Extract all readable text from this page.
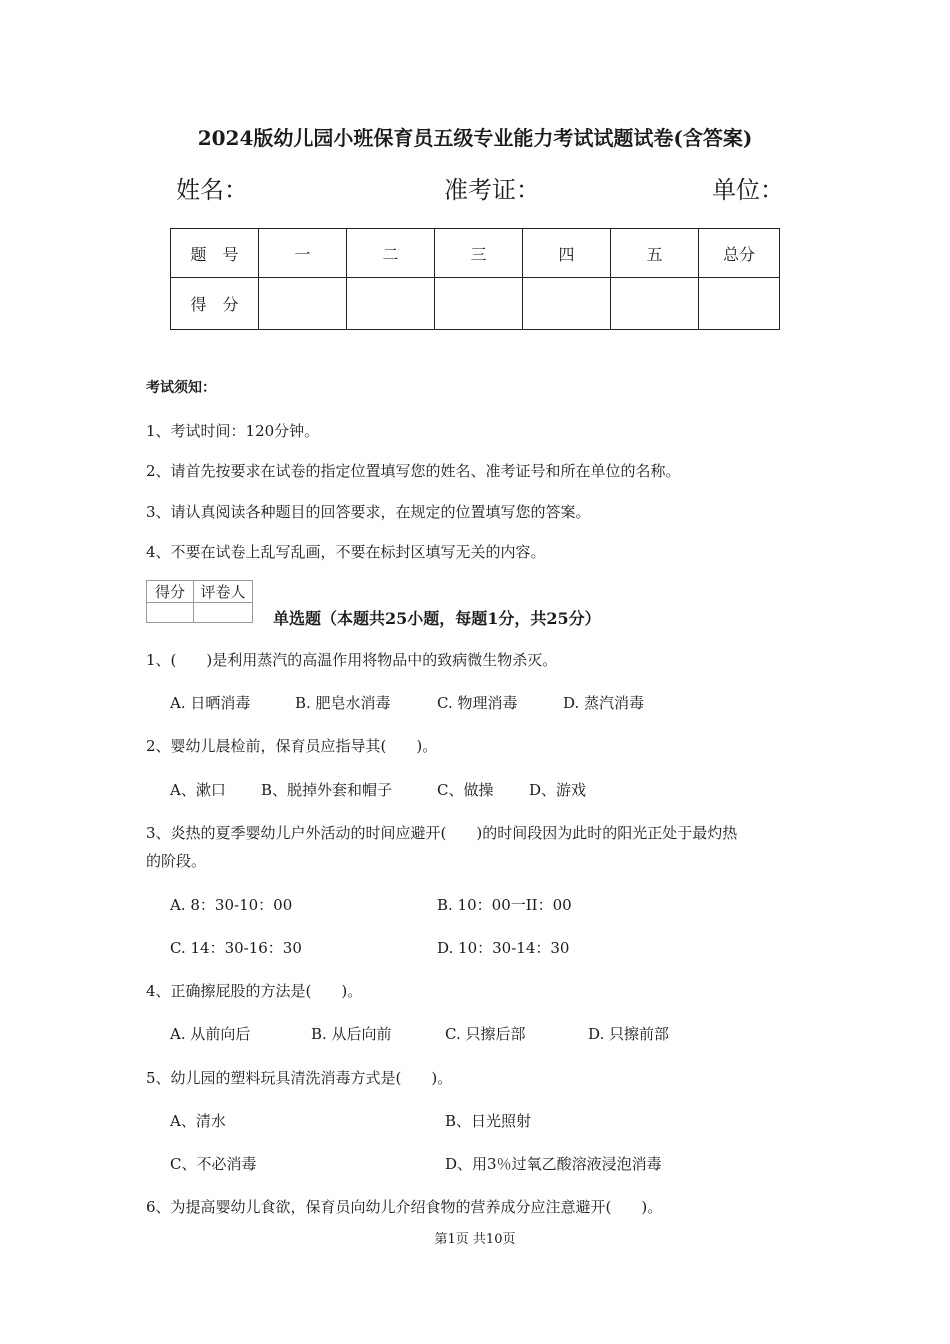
2024版幼儿园小班保育员五级专业能力考试试题试卷(含答案)
姓名：	准考证：	单位：
题　号	一	二	三	四	五	总分
得　分						
考试须知：
1、考试时间：120分钟。
2、请首先按要求在试卷的指定位置填写您的姓名、准考证号和所在单位的名称。
3、请认真阅读各种题目的回答要求，在规定的位置填写您的答案。
4、不要在试卷上乱写乱画，不要在标封区填写无关的内容。
得分	评卷人

单选题（本题共25小题，每题1分，共25分）
1、(　　)是利用蒸汽的高温作用将物品中的致病微生物杀灭。
A. 日晒消毒	B. 肥皂水消毒	C. 物理消毒	D. 蒸汽消毒
2、婴幼儿晨检前，保育员应指导其(　　)。
A、漱口 B、脱掉外套和帽子	C、做操 D、游戏
3、炎热的夏季婴幼儿户外活动的时间应避开(　　)的时间段因为此时的阳光正处于最灼热
的阶段。
A. 8：30-10：00	B. 10：00一II：00
C. 14：30-16：30	D. 10：30-14：30
4、正确擦屁股的方法是(　　)。
A. 从前向后	B. 从后向前	C. 只擦后部	D. 只擦前部
5、幼儿园的塑料玩具清洗消毒方式是(　　)。
A、清水	B、日光照射
C、不必消毒	D、用3％过氧乙酸溶液浸泡消毒
6、为提高婴幼儿食欲，保育员向幼儿介绍食物的营养成分应注意避开(　　)。
第1页 共10页
